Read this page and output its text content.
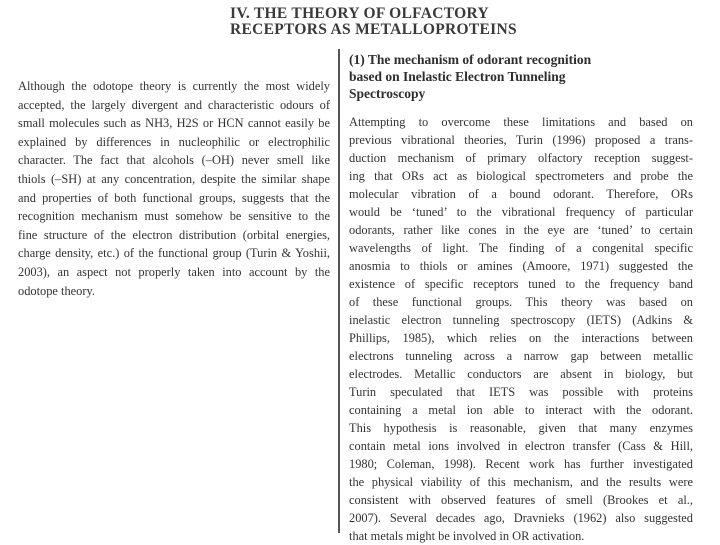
IV. THE THEORY OF OLFACTORY
RECEPTORS AS METALLOPROTEINS
Although the odotope theory is currently the most widely
accepted, the largely divergent and characteristic odours of
small molecules such as NH3, H2S or HCN cannot easily be
explained by differences in nucleophilic or electrophilic
character. The fact that alcohols (–OH) never smell like
thiols (–SH) at any concentration, despite the similar shape
and properties of both functional groups, suggests that the
recognition mechanism must somehow be sensitive to the
fine structure of the electron distribution (orbital energies,
charge density, etc.) of the functional group (Turin & Yoshii,
2003), an aspect not properly taken into account by the
odotope theory.
(1) The mechanism of odorant recognition
based on Inelastic Electron Tunneling
Spectroscopy
Attempting to overcome these limitations and based on
previous vibrational theories, Turin (1996) proposed a trans-
duction mechanism of primary olfactory reception suggest-
ing that ORs act as biological spectrometers and probe the
molecular vibration of a bound odorant. Therefore, ORs
would be ‘tuned’ to the vibrational frequency of particular
odorants, rather like cones in the eye are ‘tuned’ to certain
wavelengths of light. The finding of a congenital specific
anosmia to thiols or amines (Amoore, 1971) suggested the
existence of specific receptors tuned to the frequency band
of these functional groups. This theory was based on
inelastic electron tunneling spectroscopy (IETS) (Adkins &
Phillips, 1985), which relies on the interactions between
electrons tunneling across a narrow gap between metallic
electrodes. Metallic conductors are absent in biology, but
Turin speculated that IETS was possible with proteins
containing a metal ion able to interact with the odorant.
This hypothesis is reasonable, given that many enzymes
contain metal ions involved in electron transfer (Cass & Hill,
1980; Coleman, 1998). Recent work has further investigated
the physical viability of this mechanism, and the results were
consistent with observed features of smell (Brookes et al.,
2007). Several decades ago, Dravnieks (1962) also suggested
that metals might be involved in OR activation.
